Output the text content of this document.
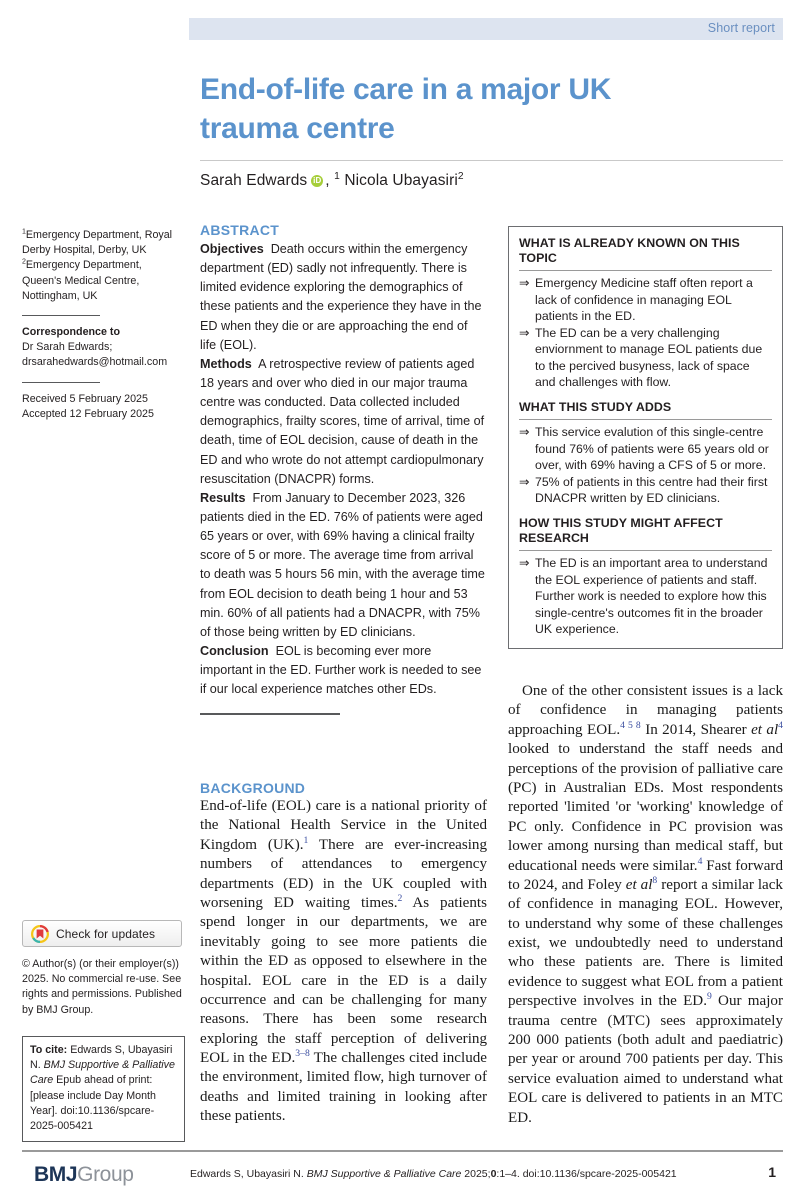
Short report
End-of-life care in a major UK trauma centre
Sarah Edwards iD , $^1$ Nicola Ubayasiri$^2$

$^1$Emergency Department, Royal Derby Hospital, Derby, UK

$^2$Emergency Department, Queen's Medical Centre, Nottingham, UK

Correspondence to

Dr Sarah Edwards;

drsarahedwards@hotmail.com

Received 5 February 2025

Accepted 12 February 2025

Check for updates
© Author(s) (or their employer(s)) 2025. No commercial re-use. See rights and permissions. Published by BMJ Group.
To cite: Edwards S, Ubayasiri N. BMJ Supportive & Palliative Care Epub ahead of print: [please include Day Month Year]. doi:10.1136/spcare-2025-005421
ABSTRACT

Objectives Death occurs within the emergency department (ED) sadly not infrequently. There is limited evidence exploring the demographics of these patients and the experience they have in the ED when they die or are approaching the end of life (EOL).

Methods A retrospective review of patients aged 18 years and over who died in our major trauma centre was conducted. Data collected included demographics, frailty scores, time of arrival, time of death, time of EOL decision, cause of death in the ED and who wrote do not attempt cardiopulmonary resuscitation (DNACPR) forms.

Results From January to December 2023, 326 patients died in the ED. 76% of patients were aged 65 years or over, with 69% having a clinical frailty score of 5 or more. The average time from arrival to death was 5 hours 56 min, with the average time from EOL decision to death being 1 hour and 53 min. 60% of all patients had a DNACPR, with 75% of those being written by ED clinicians.

Conclusion EOL is becoming ever more important in the ED. Further work is needed to see if our local experience matches other EDs.

BACKGROUND

End-of-life (EOL) care is a national priority of the National Health Service in the United Kingdom (UK).$^1$ There are ever-increasing numbers of attendances to emergency departments (ED) in the UK coupled with worsening ED waiting times.$^2$ As patients spend longer in our departments, we are inevitably going to see more patients die within the ED as opposed to elsewhere in the hospital. EOL care in the ED is a daily occurrence and can be challenging for many reasons. There has been some research exploring the staff perception of delivering EOL in the ED.$^{3-8}$ The challenges cited include the environment, limited flow, high turnover of deaths and limited training in looking after these patients.

WHAT IS ALREADY KNOWN ON THIS TOPIC
⇒ Emergency Medicine staff often report a lack of confidence in managing EOL patients in the ED.
⇒ The ED can be a very challenging enviornment to manage EOL patients due to the percived busyness, lack of space and challenges with flow.
WHAT THIS STUDY ADDS
⇒ This service evalution of this single-centre found 76% of patients were 65 years old or over, with 69% having a CFS of 5 or more.
⇒ 75% of patients in this centre had their first DNACPR written by ED clinicians.
HOW THIS STUDY MIGHT AFFECT RESEARCH
⇒ The ED is an important area to understand the EOL experience of patients and staff. Further work is needed to explore how this single-centre's outcomes fit in the broader UK experience.

One of the other consistent issues is a lack of confidence in managing patients approaching EOL.$^{4 5 8}$ In 2014, Shearer et al$^4$ looked to understand the staff needs and perceptions of the provision of palliative care (PC) in Australian EDs. Most respondents reported 'limited 'or 'working' knowledge of PC only. Confidence in PC provision was lower among nursing than medical staff, but educational needs were similar.$^4$ Fast forward to 2024, and Foley et al$^8$ report a similar lack of confidence in managing EOL. However, to understand why some of these challenges exist, we undoubtedly need to understand who these patients are. There is limited evidence to suggest what EOL from a patient perspective involves in the ED.$^9$ Our major trauma centre (MTC) sees approximately 200 000 patients (both adult and paediatric) per year or around 700 patients per day. This service evaluation aimed to understand what EOL care is delivered to patients in an MTC ED.

BMJGroup	Edwards S, Ubayasiri N. BMJ Supportive & Palliative Care 2025;0:1–4. doi:10.1136/spcare-2025-005421	1
